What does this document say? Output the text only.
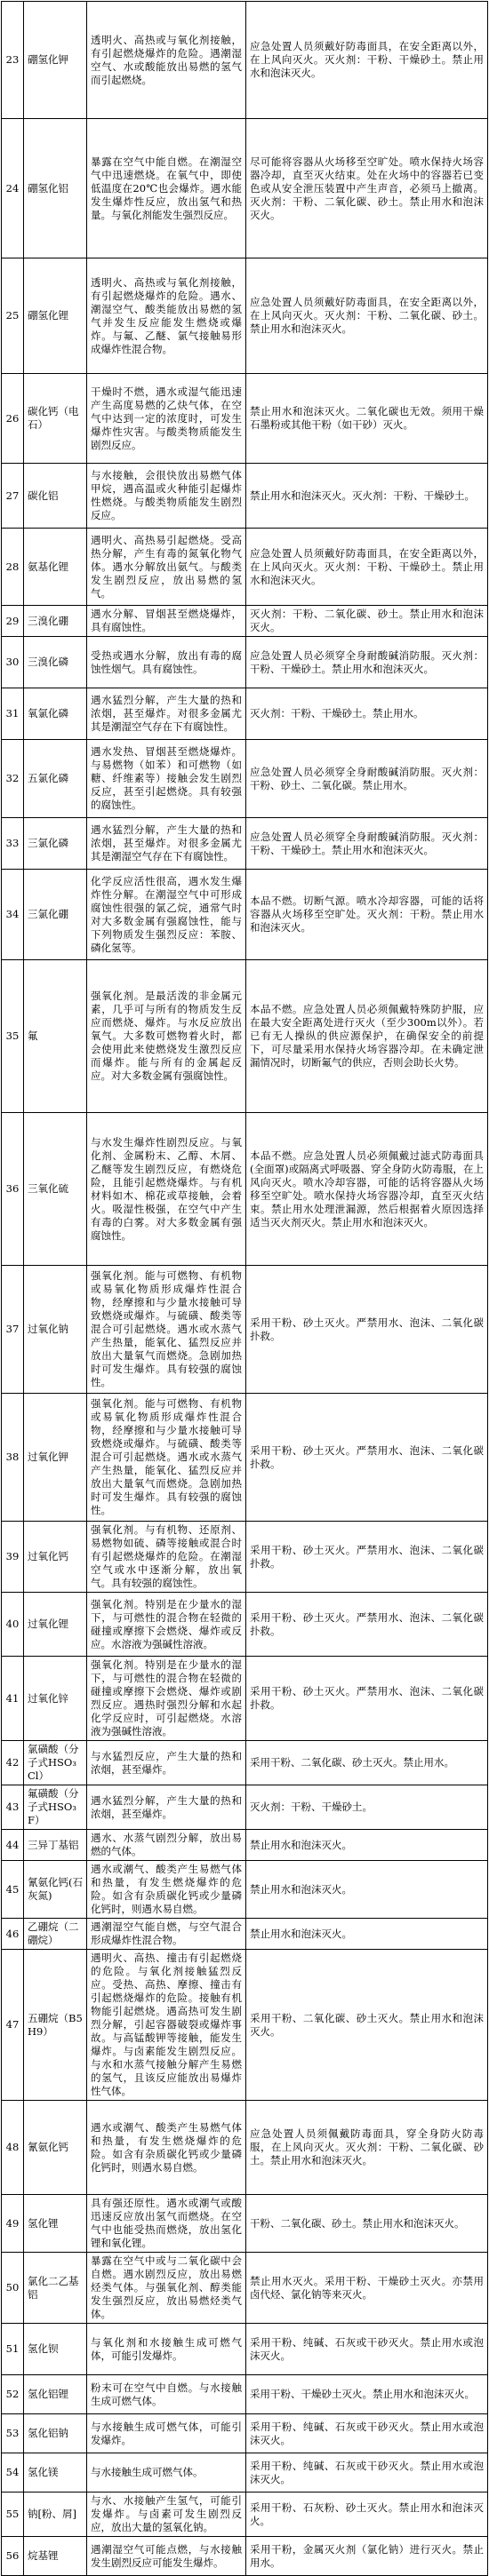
23	硼氢化钾	透明火、高热或与氧化剂接触，有引起燃烧爆炸的危险。遇潮湿空气、水或酸能放出易燃的氢气而引起燃烧。	应急处置人员须戴好防毒面具，在安全距离以外，在上风向灭火。灭火剂：干粉、干燥砂土。禁止用水和泡沫灭火。
24	硼氢化铝	暴露在空气中能自燃。在潮湿空气中迅速燃烧。在氧气中，即使低温度在20℃也会爆炸。遇水能发生爆炸性反应，放出氢气和热量。与氧化剂能发生强烈反应。	尽可能将容器从火场移至空旷处。喷水保持火场容器冷却，直至灭火结束。处在火场中的容器若已变色或从安全泄压装置中产生声音，必须马上撤离。灭火剂：干粉、二氧化碳、砂土。禁止用水和泡沫灭火。
25	硼氢化锂	透明火、高热或与氧化剂接触，有引起燃烧爆炸的危险。遇水、潮湿空气、酸类能放出易燃的氢气并发生反应能发生燃烧或爆炸。与氟、乙醚、氯气接触易形成爆炸性混合物。	应急处置人员须戴好防毒面具，在安全距离以外，在上风向灭火。灭火剂：干粉、二氧化碳、砂土。禁止用水和泡沫灭火。
26	碳化钙（电石）	干燥时不燃，遇水或湿气能迅速产生高度易燃的乙炔气体，在空气中达到一定的浓度时，可发生爆炸性灾害。与酸类物质能发生剧烈反应。	禁止用水和泡沫灭火。二氧化碳也无效。须用干燥石墨粉或其他干粉（如干砂）灭火。
27	碳化铝	与水接触，会很快放出易燃气体甲烷，遇高温或火种能引起爆炸性燃烧。与酸类物质能发生剧烈反应。	禁止用水和泡沫灭火。灭火剂：干粉、干燥砂土。
28	氨基化锂	遇明火、高热易引起燃烧。受高热分解，产生有毒的氮氧化物气体。遇水分解放出氨气。与酸类发生剧烈反应，放出易燃的氢气。	应急处置人员须戴好防毒面具，在安全距离以外，在上风向灭火。灭火剂：干粉、干燥砂土。禁止用水和泡沫灭火。
29	三溴化硼	遇水分解、冒烟甚至燃烧爆炸，具有腐蚀性。	灭火剂：干粉、二氧化碳、砂土。禁止用水和泡沫灭火。
30	三溴化磷	受热或遇水分解，放出有毒的腐蚀性烟气。具有腐蚀性。	应急处置人员必须穿全身耐酸碱消防服。灭火剂：干粉、干燥砂土。禁止用水和泡沫灭火。
31	氧氯化磷	遇水猛烈分解，产生大量的热和浓烟，甚至爆炸。对很多金属尤其是潮湿空气存在下有腐蚀性。	灭火剂：干粉、干燥砂土。禁止用水。
32	五氯化磷	遇水发热、冒烟甚至燃烧爆炸。与易燃物（如苯）和可燃物（如糖、纤维素等）接触会发生剧烈反应，甚至引起燃烧。具有较强的腐蚀性。	应急处置人员必须穿全身耐酸碱消防服。灭火剂：干粉、砂土、二氧化碳。禁止用水。
33	三氯化磷	遇水猛烈分解，产生大量的热和浓烟，甚至爆炸。对很多金属尤其是潮湿空气存在下有腐蚀性。	应急处置人员必须穿全身耐酸碱消防服。灭火剂：干粉、干燥砂土。禁止用水和泡沫灭火。
34	三氯化硼	化学反应活性很高，遇水发生爆炸性分解。在潮湿空气中可形成腐蚀性很强的氯乙烷，通常气时对大多数金属有强腐蚀性，能与下列物质发生强烈反应：苯胺、磷化氢等。	本品不燃。切断气源。喷水冷却容器，可能的话将容器从火场移至空旷处。灭火剂：干粉。禁止用水和泡沫灭火。
35	氟	强氧化剂。是最活泼的非金属元素，几乎可与所有的物质发生反应而燃烧、爆炸。与水反应放出氧气。大多数可燃物着火时，都会使用此来使燃烧发生激烈反应而爆炸。能与所有的金属起反应。对大多数金属有强腐蚀性。	本品不燃。应急处置人员必须佩戴特殊防护服，应在最大安全距离处进行灭火（至少300m以外）。若已有无人操纵的供应源保护，在确保安全的前提下，可尽量采用水保持火场容器冷却。在未确定泄漏情况时，切断氟气的供应，否则会助长火势。
36	三氧化硫	与水发生爆炸性剧烈反应。与氧化剂、金属粉末、乙醇、木屑、乙醚等发生剧烈反应，有燃烧危险，且能引起燃烧爆炸。与有机材料如木、棉花或草接触，会着火。吸湿性极强，在空气中产生有毒的白雾。对大多数金属有强腐蚀性。	本品不燃。应急处置人员必须佩戴过滤式防毒面具(全面罩)或隔离式呼吸器、穿全身防火防毒服，在上风向灭火。喷水冷却容器，可能的话将容器从火场移至空旷处。喷水保持火场容器冷却，直至灭火结束。禁止用水处理泄漏源，然后根据着火原因选择适当灭火剂灭火。禁止用水和泡沫灭火。
37	过氧化钠	强氧化剂。能与可燃物、有机物或易氧化物质形成爆炸性混合物，经摩擦和与少量水接触可导致燃烧或爆炸。与硫磺、酸类等混合可引起燃烧。遇水或水蒸气产生热量，能氧化、猛烈反应并放出大量氧气而燃烧。急剧加热时可发生爆炸。具有较强的腐蚀性。	采用干粉、砂土灭火。严禁用水、泡沫、二氧化碳扑救。
38	过氧化钾	强氧化剂。能与可燃物、有机物或易氧化物质形成爆炸性混合物，经摩擦和与少量水接触可导致燃烧或爆炸。与硫磺、酸类等混合可引起燃烧。遇水或水蒸气产生热量，能氧化、猛烈反应并放出大量氧气而燃烧。急剧加热时可发生爆炸。具有较强的腐蚀性。	采用干粉、砂土灭火。严禁用水、泡沫、二氧化碳扑救。
39	过氧化钙	强氧化剂。与有机物、还原剂、易燃物如硫、磷等接触或混合时有引起燃烧爆炸的危险。在潮湿空气或水中逐渐分解，放出氧气。具有较强的腐蚀性。	采用干粉、砂土灭火。严禁用水、泡沫、二氧化碳扑救。
40	过氧化锂	强氧化剂。特别是在少量水的湿下，与可燃性的混合物在轻微的碰撞或摩擦下会燃烧、爆炸或反应。水溶液为强碱性溶液。	采用干粉、砂土灭火。严禁用水、泡沫、二氧化碳扑救。
41	过氧化锌	强氧化剂。特别是在少量水的湿下，与可燃性的混合物在轻微的碰撞或摩擦下会燃烧、爆炸或剧烈反应。遇热时强烈分解和水起化学反应时，可引起燃烧。水溶液为强碱性溶液。	采用干粉、砂土灭火。严禁用水、泡沫、二氧化碳扑救。
42	氯磺酸（分子式HSO₃Cl）	与水猛烈反应，产生大量的热和浓烟，甚至爆炸。	采用干粉、二氧化碳、砂土灭火。禁止用水。
43	氟磺酸（分子式HSO₃F）	遇水猛烈分解，产生大量的热和浓烟，甚至爆炸。	灭火剂：干粉、干燥砂土。
44	三异丁基铝	遇水、水蒸气剧烈分解，放出易燃的气体。	禁止用水和泡沫灭火。
45	氰氨化钙(石灰氮)	遇水或潮气、酸类产生易燃气体和热量，有发生燃烧爆炸的危险。如含有杂质碳化钙或少量磷化钙时，则遇水易自燃。	禁止用水和泡沫灭火。
46	乙硼烷（二硼烷）	遇潮湿空气能自燃，与空气混合形成爆炸性混合物。	禁止用水和泡沫灭火。
47	五硼烷（B5H9）	遇明火、高热、撞击有引起燃烧的危险。与氧化剂接触猛烈反应。受热、高热、摩擦、撞击有引起燃烧爆炸的危险。接触有机物能引起燃烧。遇高热可发生剧烈分解，引起容器破裂或爆炸事故。与高锰酸钾等接触，能发生爆炸。与卤素能发生剧烈反应。与水和水蒸气接触分解产生易燃的氢气，且该反应能放出易爆炸性气体。	采用干粉、二氧化碳、砂土灭火。禁止用水和泡沫灭火。
48	氰氨化钙	遇水或潮气、酸类产生易燃气体和热量，有发生燃烧爆炸的危险。如含有杂质碳化钙或少量磷化钙时，则遇水易自燃。	应急处置人员须佩戴防毒面具，穿全身防火防毒服，在上风向灭火。灭火剂：干粉、二氧化碳、砂土。禁止用水和泡沫灭火。
49	氢化锂	具有强还原性。遇水或潮气或酸迅速反应放出氢气而燃烧。在空气中也能受热而燃烧，放出氢化锂和氧化锂。	干粉、二氧化碳、砂土。禁止用水和泡沫灭火。
50	氯化二乙基铝	暴露在空气中或与二氧化碳中会自燃。遇水剧烈反应，放出易燃烃类气体。与强氧化剂、醇类能发生强烈反应，放出易燃烃类气体。	禁止用水灭火。采用干粉、干燥砂土灭火。亦禁用卤代烃、氯化钠等来灭火。
51	氢化钡	与氧化剂和水接触生成可燃气体，可能引发爆炸。	采用干粉、纯碱、石灰或干砂灭火。禁止用水或泡沫灭火。
52	氢化铝锂	粉末可在空气中自燃。与水接触生成可燃气体。	采用干粉、干燥砂土灭火。禁止用水和泡沫灭火。
53	氢化铝钠	与水接触生成可燃气体，可能引发爆炸。	采用干粉、纯碱、石灰或干砂灭火。禁止用水或泡沫灭火。
54	氢化镁	与水接触生成可燃气体。	采用干粉、纯碱、石灰或干砂灭火。禁止用水或泡沫灭火。
55	钠[粉、屑]	与水、水接触产生氢气，可能引发爆炸。与卤素可发生剧烈反应，放出大量的氢氧化钠。	采用干粉、石灰粉、砂土灭火。禁止用水和泡沫灭火。
56	烷基锂	遇潮湿空气可能点燃，与水接触发生剧烈反应可能发生爆炸。	采用干粉，金属灭火剂（氯化钠）进行灭火。禁止用水。
